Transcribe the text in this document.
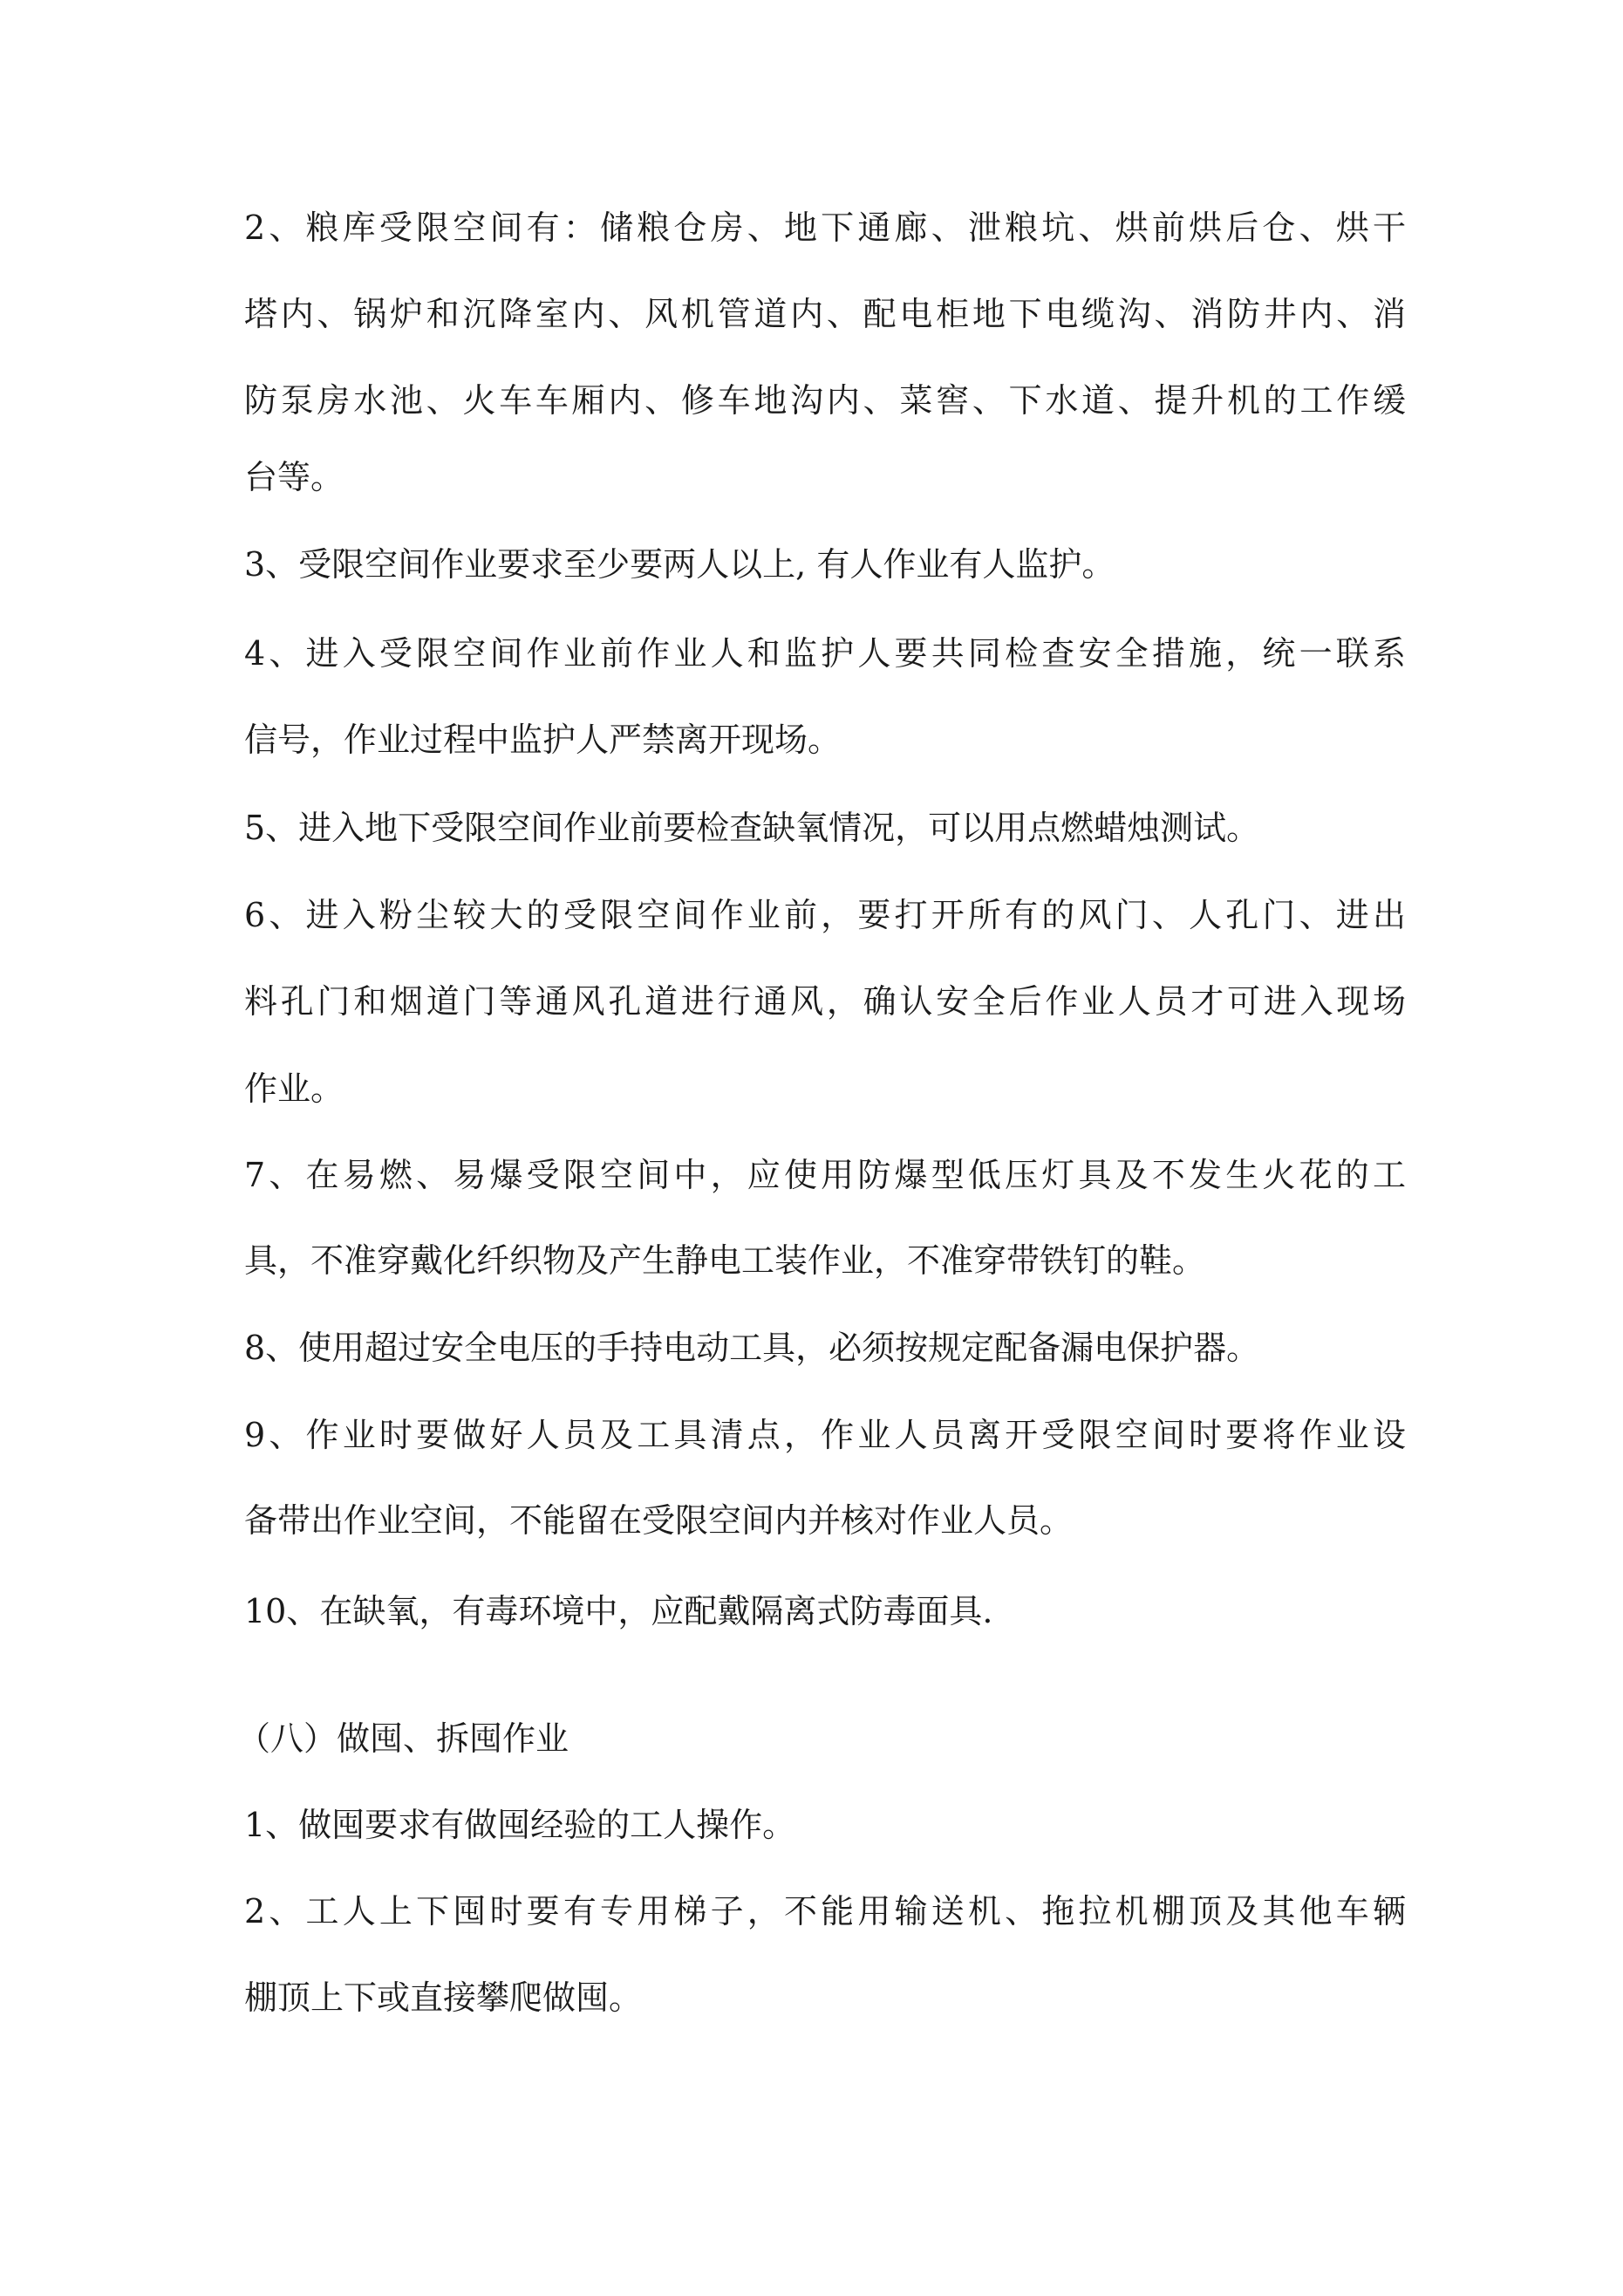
2、粮库受限空间有：储粮仓房、地下通廊、泄粮坑、烘前烘后仓、烘干

塔内、锅炉和沉降室内、风机管道内、配电柜地下电缆沟、消防井内、消

防泵房水池、火车车厢内、修车地沟内、菜窖、下水道、提升机的工作缓

台等。

3、受限空间作业要求至少要两人以上, 有人作业有人监护。

4、进入受限空间作业前作业人和监护人要共同检查安全措施，统一联系

信号，作业过程中监护人严禁离开现场。

5、进入地下受限空间作业前要检查缺氧情况，可以用点燃蜡烛测试。

6、进入粉尘较大的受限空间作业前，要打开所有的风门、人孔门、进出

料孔门和烟道门等通风孔道进行通风，确认安全后作业人员才可进入现场

作业。

7、在易燃、易爆受限空间中，应使用防爆型低压灯具及不发生火花的工

具，不准穿戴化纤织物及产生静电工装作业，不准穿带铁钉的鞋。

8、使用超过安全电压的手持电动工具，必须按规定配备漏电保护器。

9、作业时要做好人员及工具清点，作业人员离开受限空间时要将作业设

备带出作业空间，不能留在受限空间内并核对作业人员。

10、在缺氧，有毒环境中，应配戴隔离式防毒面具.

（八）做囤、拆囤作业

1、做囤要求有做囤经验的工人操作。

2、工人上下囤时要有专用梯子，不能用输送机、拖拉机棚顶及其他车辆

棚顶上下或直接攀爬做囤。
